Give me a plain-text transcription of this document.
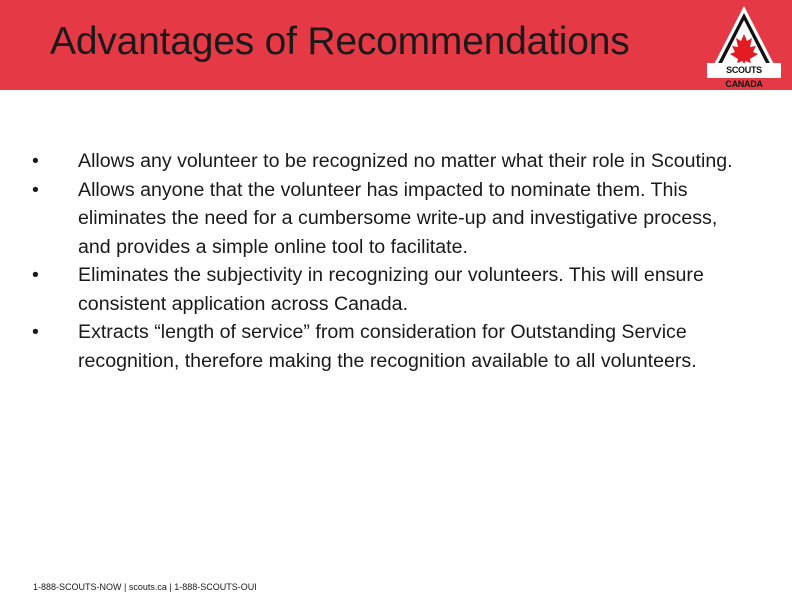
Advantages of Recommendations
SCOUTS CANADA
•	Allows any volunteer to be recognized no matter what their role in Scouting.
•	Allows anyone that the volunteer has impacted to nominate them. This eliminates the need for a cumbersome write-up and investigative process, and provides a simple online tool to facilitate.
•	Eliminates the subjectivity in recognizing our volunteers. This will ensure consistent application across Canada.
•	Extracts “length of service” from consideration for Outstanding Service recognition, therefore making the recognition available to all volunteers.
1-888-SCOUTS-NOW | scouts.ca | 1-888-SCOUTS-OUI
